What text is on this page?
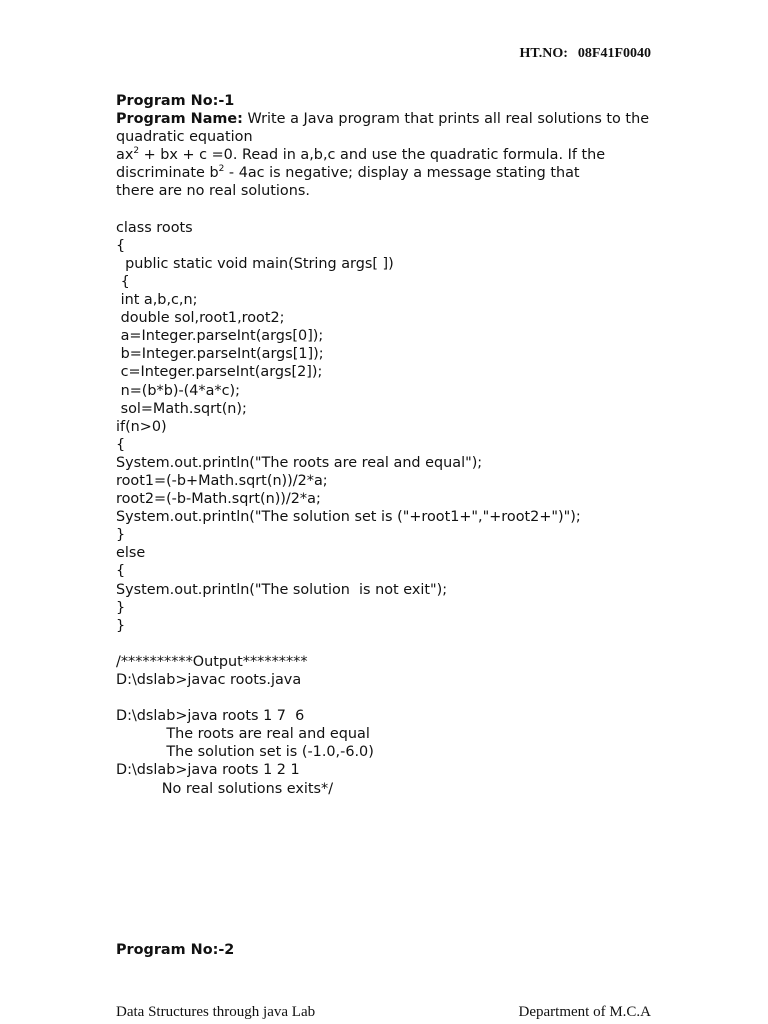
HT.NO: 08F41F0040
Program No:-1
Program Name: Write a Java program that prints all real solutions to the quadratic equation
$ax^2$ + bx + c =0. Read in a,b,c and use the quadratic formula. If the
discriminate $b^2 - 4ac$ is negative; display a message stating that
there are no real solutions.
class roots
{
public static void main(String args[ ])
{
int a,b,c,n;
double sol,root1,root2;
a=Integer.parseInt(args[0]);
b=Integer.parseInt(args[1]);
c=Integer.parseInt(args[2]);
n=(b*b)-(4*a*c);
sol=Math.sqrt(n);
if(n>0)
{
System.out.println("The roots are real and equal");
root1=(-b+Math.sqrt(n))/2*a;
root2=(-b-Math.sqrt(n))/2*a;
System.out.println("The solution set is ("+root1+","+root2+")");
}
else
{
System.out.println("The solution  is not exit");
}
}
/**********Output*********
D:\dslab>javac roots.java
D:\dslab>java roots 1 7  6
The roots are real and equal
The solution set is (-1.0,-6.0)
D:\dslab>java roots 1 2 1
No real solutions exits*/
Program No:-2
Data Structures through java Lab	Department of M.C.A
